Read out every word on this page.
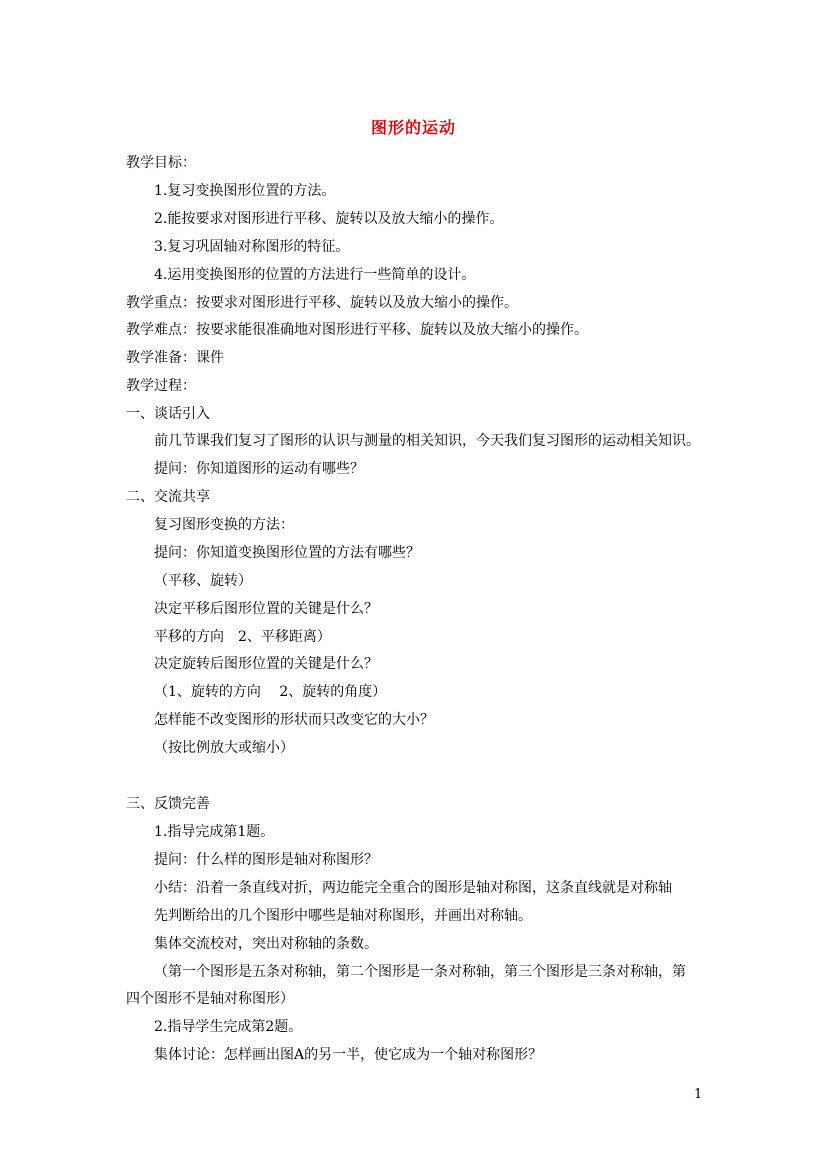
图形的运动
教学目标：
1.复习变换图形位置的方法。
2.能按要求对图形进行平移、旋转以及放大缩小的操作。
3.复习巩固轴对称图形的特征。
4.运用变换图形的位置的方法进行一些简单的设计。
教学重点：按要求对图形进行平移、旋转以及放大缩小的操作。
教学难点：按要求能很准确地对图形进行平移、旋转以及放大缩小的操作。
教学准备：课件
教学过程：
一、谈话引入
前几节课我们复习了图形的认识与测量的相关知识，今天我们复习图形的运动相关知识。
提问：你知道图形的运动有哪些？
二、交流共享
复习图形变换的方法：
提问：你知道变换图形位置的方法有哪些？
（平移、旋转）
决定平移后图形位置的关键是什么？
平移的方向　2、平移距离）
决定旋转后图形位置的关键是什么？
（1、旋转的方向　 2、旋转的角度）
怎样能不改变图形的形状而只改变它的大小？
（按比例放大或缩小）
三、反馈完善
1.指导完成第1题。
提问：什么样的图形是轴对称图形？
小结：沿着一条直线对折，两边能完全重合的图形是轴对称图，这条直线就是对称轴
先判断给出的几个图形中哪些是轴对称图形，并画出对称轴。
集体交流校对，突出对称轴的条数。
（第一个图形是五条对称轴，第二个图形是一条对称轴，第三个图形是三条对称轴，第
四个图形不是轴对称图形）
2.指导学生完成第2题。
集体讨论：怎样画出图A的另一半，使它成为一个轴对称图形？
1
